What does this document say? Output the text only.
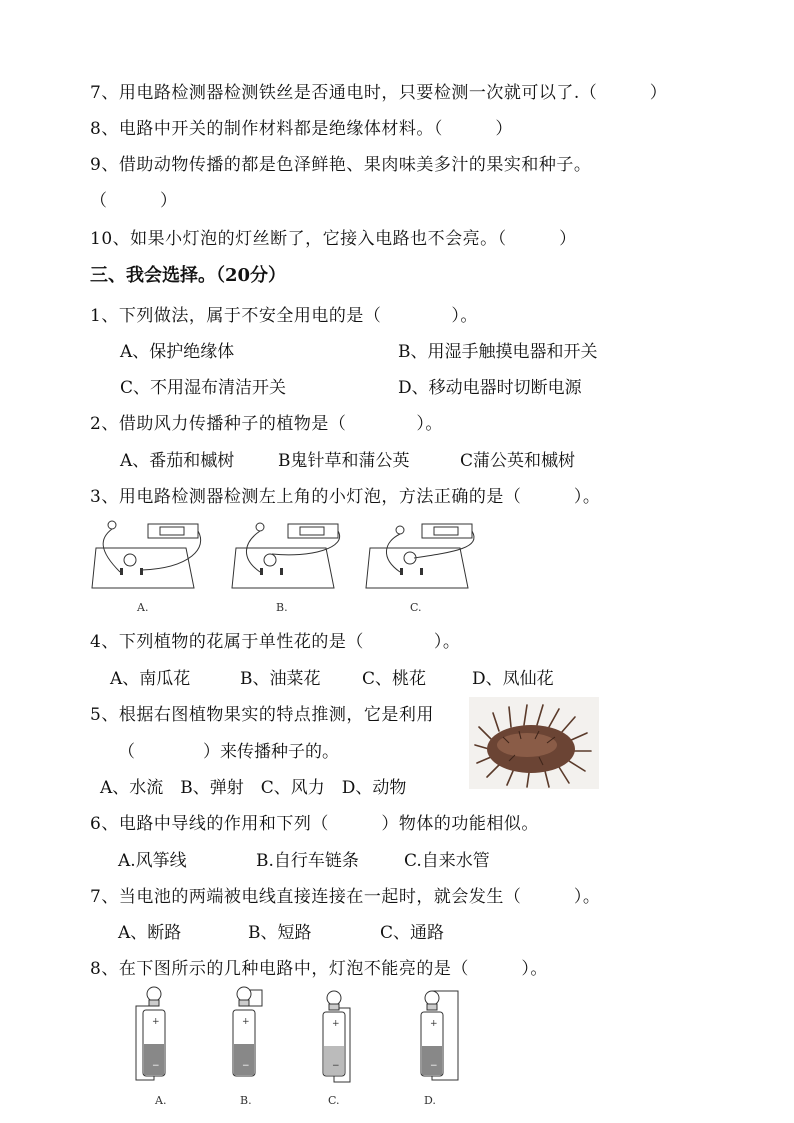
7、用电路检测器检测铁丝是否通电时，只要检测一次就可以了.（　　　）
8、电路中开关的制作材料都是绝缘体材料。（　　　）
9、借助动物传播的都是色泽鲜艳、果肉味美多汁的果实和种子。
（　　　）
10、如果小灯泡的灯丝断了，它接入电路也不会亮。（　　　）
三、我会选择。（20分）
1、下列做法，属于不安全用电的是（　　　　）。
A、保护绝缘体	B、用湿手触摸电器和开关
C、不用湿布清洁开关	D、移动电器时切断电源
2、借助风力传播种子的植物是（　　　　）。
A、番茄和槭树	B鬼针草和蒲公英	C蒲公英和槭树
3、用电路检测器检测左上角的小灯泡，方法正确的是（　　　）。
A.	B.	C.
4、下列植物的花属于单性花的是（　　　　）。
A、南瓜花	B、油菜花 C、桃花	D、凤仙花
5、根据右图植物果实的特点推测，它是利用
（　　　　）来传播种子的。
A、水流　B、弹射　C、风力　D、动物
6、电路中导线的作用和下列（　　　）物体的功能相似。
A.风筝线	B.自行车链条	C.自来水管
7、当电池的两端被电线直接连接在一起时，就会发生（　　　）。
A、断路	B、短路	C、通路
8、在下图所示的几种电路中，灯泡不能亮的是（　　　）。
+
−
+
−
+
−
+
−
A.	B.	C.	D.
